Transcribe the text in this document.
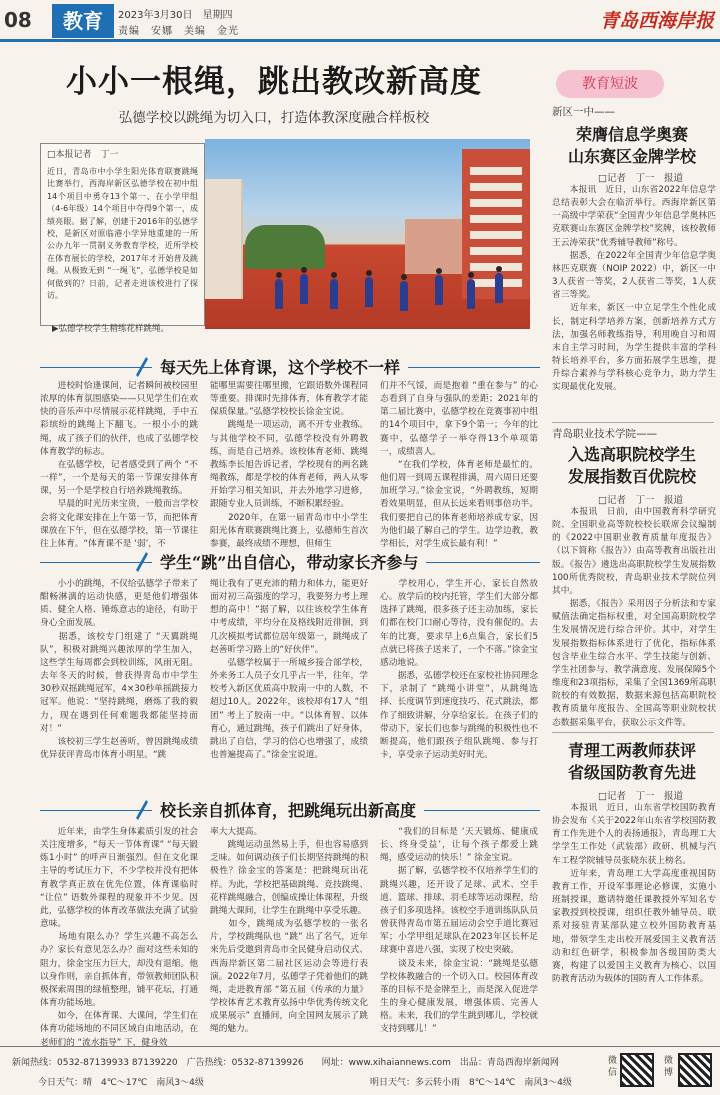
08	教育	2023年3月30日　星期四
责编　安娜　美编　金光	青岛西海岸报
小小一根绳，跳出教改新高度
弘德学校以跳绳为切入口，打造体教深度融合样板校
□本报记者　丁一
近日，青岛市中小学生阳光体育联赛跳绳比赛举行，西海岸新区弘德学校在初中组14个项目中勇夺13个第一、在小学甲组（4-6年级）14个项目中夺得9个第一，成绩亮眼。据了解，创建于2016年的弘德学校，是新区对原临港小学异地重建的一所公办九年一贯制义务教育学校，近所学校在体育展长的学校，2017年才开始普及跳绳。从极致无到 “一绳飞”，弘德学校是如何做到的？日前，记者走进该校进行了探访。
▶弘德学校学生精练花样跳绳。
每天先上体育课，这个学校不一样
　　进校时恰逢课间，记者瞬间被校园里浓厚的体育氛围感染——只见学生们在欢快的音乐声中尽情展示花样跳绳，手中五彩缤纷的跳绳上下翻飞。一根小小的跳绳，成了孩子们的伙伴，也成了弘德学校体育教学的标志。
　　在弘德学校，记者感受到了两个 “不一样”，一个是每天的第一节课安排体育课，另一个是学校自行培养跳绳教练。
　　早晨的时光历来宝贵，一般而言学校会将文化课安排在上午第一节，而把体育课放在下午，但在弘德学校，第一节课往往上体育。“体育课不是 ‘弱’，不
能哪里需要往哪里搬，它跟语数外课程同等重要。排课时先排体育，体育教学才能保质保量。”弘德学校校长徐金宝说。
　　跳绳是一项运动，离不开专业教练。与其他学校不同，弘德学校没有外聘教练，而是自己培养。该校体育老师、跳绳教练李长旭告诉记者，学校现有的两名跳绳教练，都是学校的体育老师，两人从零开始学习相关知识，并去外地学习进修，跟随专业人员训练，不断积累经验。
　　2020年，在第一届青岛市中小学生阳光体育联赛跳绳比赛上，弘德师生首次参赛，最终成绩不理想，但师生
们并不气馁，而是抱着 “重在参与” 的心态看到了自身与强队的差距；2021年的第二届比赛中，弘德学校在竞赛事初中组的14个项目中，拿下9个第一；今年的比赛中，弘德学子一举夺得13个单项第一，成绩喜人。
　　“在我们学校，体育老师是最忙的。他们周一到周五课程排满，周六周日还要加班学习。”徐金宝说，“外聘教练，短期看效果明显，但从长远来看则事倍功半。我们要把自己的体育老师培养成专家，因为他们最了解自己的学生。边学边教，教学相长，对学生成长最有利！”
学生“跳”出自信心，带动家长齐参与
　　小小的跳绳，不仅给弘德学子带来了酣畅淋漓的运动快感，更是他们增强体质、健全人格、锤炼意志的途径，有助于身心全面发展。
　　据悉，该校专门组建了 “天翼跳绳队”，积极对跳绳兴趣浓厚的学生加入，这些学生每周都会到校训练，风雨无阻。去年冬天的时候，曾获得青岛市中学生30秒双摇跳绳冠军，4×30秒单摇跳接力冠军。他说：“坚持跳绳，磨炼了我的毅力，现在遇到任何难题我都能坚持面对！”
　　该校初三学生赵善昕，曾因跳绳成绩优异获评青岛市体育小明星。“跳
绳让我有了更充沛的精力和体力，能更好面对初三高强度的学习，我要努力考上理想的高中！”据了解，以往该校学生体育中考成绩，平均分在及格线附近徘徊，到几次模拟考试都位居年级第一，跳绳成了赵善昕学习路上的“好伙伴”。
　　弘德学校属于一所城乡接合部学校，外来务工人员子女几乎占一半，往年，学校考入新区优质高中胶南一中的人数，不超过10人。2022年，该校却有17人 “组团” 考上了胶南一中。“以体育智、以体育心，通过跳绳，孩子们跳出了好身体，跳出了自信，学习的信心也增强了，成绩也普遍提高了。”徐金宝说道。
　　学校用心，学生开心，家长自然放心。放学后的校内托管，学生们大部分都选择了跳绳，很多孩子还主动加练，家长们都在校门口耐心等待，没有催促的。去年的比赛，要求早上6点集合，家长们5点就已将孩子送来了，一个不落。”徐金宝感动地说。
　　据悉，弘德学校还在家校社协同理念下，录制了 “跳绳小讲堂”，从跳绳选择、长度调节到速度技巧、花式跳法，都作了细致讲解，分享给家长。在孩子们的带动下，家长们也参与跳绳的积极性也不断提高，他们跟孩子组队跳绳、参与打卡，享受亲子运动美好时光。
校长亲自抓体育，把跳绳玩出新高度
　　近年来，由学生身体素质引发的社会关注度增多，“每天一节体育课” “每天锻炼1小时” 的呼声日渐强烈。但在文化课主导的考试压力下，不少学校并没有把体育教学真正放在优先位置，体育课临时 “让位” 语数外课程的现象并不少见。因此，弘德学校的体育改革做法充满了试验意味。
　　场地有限么办？学生兴趣不高怎么办？家长有意见怎么办？面对这些未知的阻力，徐金宝压力巨大，却没有退缩。他以身作则，亲自抓体育，带领教师团队积极探索周围的绿植整理，铺平花坛，打通体育功能场地。
　　如今，在体育课、大课间，学生们在体育功能场地的不同区域自由地活动，在老师们的 “流水指导” 下，健身效
率大大提高。
　　跳绳运动虽然易上手，但也容易感到乏味。如何调动孩子们长期坚持跳绳的积极性？徐金宝的答案是：把跳绳玩出花样。为此，学校把基础跳绳、竞技跳绳、花样跳绳融合，创编成操让体课程，升级跳绳大课间，让学生在跳绳中享受乐趣。
　　如今，跳绳成为弘德学校的一张名片，学校跳绳队也 “跳” 出了名气，近年来先后受邀到青岛市全民健身启动仪式、西海岸新区第二届社区运动会等进行表演。2022年7月，弘德学子凭着他们的跳绳，走进教育部 “第五届《传承的力量》学校体育艺术教育弘扬中华优秀传统文化成果展示” 直播间，向全国网友展示了跳绳的魅力。
　　“我们的目标是 ‘天天锻炼、健康成长、终身受益’，让每个孩子都爱上跳绳，感受运动的快乐！” 徐金宝说。
　　据了解，弘德学校不仅培养学生们的跳绳兴趣，还开设了足球、武术、空手道、篮球、排球、羽毛球等运动课程，给孩子们多项选择。该校空手道训练队队员曾获得青岛市第五届运动会空手道比赛冠军；小学甲组足球队在2023年区长杯足球赛中喜进八强，实现了校史突破。
　　谈及未来，徐金宝说：“跳绳是弘德学校体教融合的一个切入口。校园体育改革的目标不是金牌至上，而是深入促进学生的身心健康发展，增强体质、完善人格。未来，我们的学生跳到哪儿，学校就支持到哪儿！”
教育短波
新区一中——
荣膺信息学奥赛
山东赛区金牌学校
□记者　丁一　报道
　　本报讯　近日，山东省2022年信息学总结表彰大会在临沂举行。西海岸新区第一高级中学荣获“全国青少年信息学奥林匹克联赛山东赛区金牌学校”奖牌，该校教师王云涛荣获“优秀辅导教师”称号。
　　据悉，在2022年全国青少年信息学奥林匹克联赛（NOIP 2022）中，新区一中3人获省一等奖，2人获省二等奖，1人获省三等奖。
　　近年来，新区一中立足学生个性化成长，制定科学培养方案，创新培养方式方法，加强名师教练指导，利用晚自习和周末自主学习时间，为学生提供丰富的学科特长培养平台，多方面拓展学生思维，提升综合素养与学科核心竞争力，助力学生实现最优化发展。
青岛职业技术学院——
入选高职院校学生
发展指数百优院校
□记者　丁一　报道
　　本报讯　日前，由中国教育科学研究院、全国职业高等院校校长联席会议编制的《2022中国职业教育质量年度报告》（以下简称《报告》）由高等教育出版社出版。《报告》遴选出高职院校学生发展指数100所优秀院校，青岛职业技术学院位列其中。
　　据悉，《报告》采用因子分析法和专家赋值法确定指标权重，对全国高职院校学生发展情况进行综合评价。其中，对学生发展指数指标体系进行了优化，指标体系包含毕业生综合水平、学生技能与创新、学生社团参与、教学满意度、发展保障5个维度和23项指标，采集了全国1369所高职院校的有效数据，数据来源包括高职院校教育质量年度报告、全国高等职业院校状态数据采集平台，获取公示文件等。
青理工两教师获评
省级国防教育先进
□记者　丁一　报道
　　本报讯　近日，山东省学校国防教育协会发布《关于2022年山东省学校国防教育工作先进个人的表扬通报》，青岛理工大学学生工作处（武装部）政研、机械与汽车工程学院辅导员张晓东获上榜名。
　　近年来，青岛理工大学高度重视国防教育工作，开设军事理论必修课，实施小班制授课，邀请特邀任课教授外军知名专家教授到校授课，组织任教外辅导员、联系对接驻青某部队建立校外国防教育基地，带领学生走出校开展爱国主义教育活动和红色研学，积极参加各级国防类大赛，构建了以爱国主义教育为核心、以国防教育活动为载体的国防育人工作体系。
新闻热线：0532-87139933 87139220　广告热线：0532-87139926　　网址：www.xihaiannews.com　出品：青岛西海岸新闻网
今日天气：晴　4℃～17℃　南风3～4级	明日天气：多云转小雨　8℃～14℃　南风3～4级
微信
微博
